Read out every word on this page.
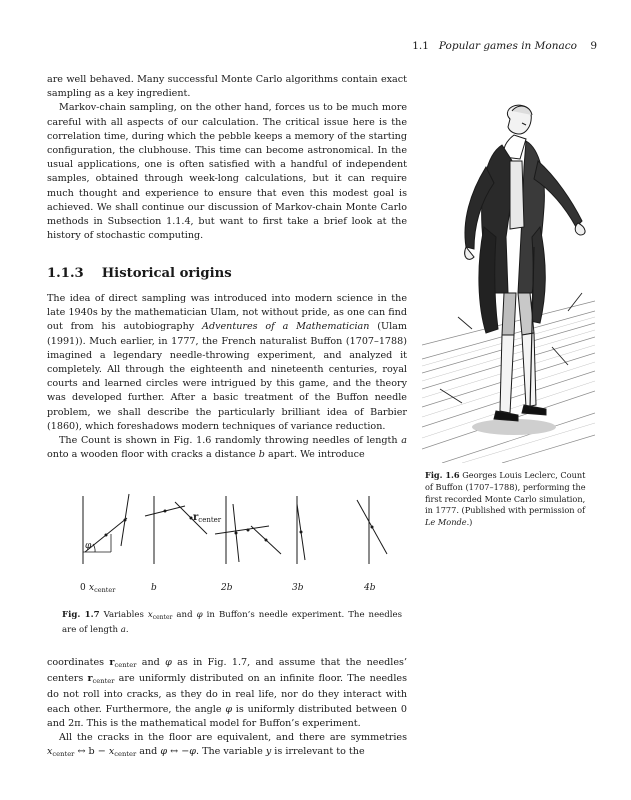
1.1 Popular games in Monaco 9

are well behaved. Many successful Monte Carlo algorithms contain exact sampling as a key ingredient.

Markov-chain sampling, on the other hand, forces us to be much more careful with all aspects of our calculation. The critical issue here is the correlation time, during which the pebble keeps a memory of the starting configuration, the clubhouse. This time can become astronomical. In the usual applications, one is often satisfied with a handful of independent samples, obtained through week-long calculations, but it can require much thought and experience to ensure that even this modest goal is achieved. We shall continue our discussion of Markov-chain Monte Carlo methods in Subsection 1.1.4, but want to first take a brief look at the history of stochastic computing.

1.1.3 Historical origins

The idea of direct sampling was introduced into modern science in the late 1940s by the mathematician Ulam, not without pride, as one can find out from his autobiography Adventures of a Mathematician (Ulam (1991)). Much earlier, in 1777, the French naturalist Buffon (1707–1788) imagined a legendary needle-throwing experiment, and analyzed it completely. All through the eighteenth and nineteenth centuries, royal courts and learned circles were intrigued by this game, and the theory was developed further. After a basic treatment of the Buffon needle problem, we shall describe the particularly brilliant idea of Barbier (1860), which foreshadows modern techniques of variance reduction.

The Count is shown in Fig. 1.6 randomly throwing needles of length a onto a wooden floor with cracks a distance b apart. We introduce

Fig. 1.6 Georges Louis Leclerc, Count of Buffon (1707–1788), performing the first recorded Monte Carlo simulation, in 1777. (Published with permission of Le Monde.)
$r_{center}$
φ
0 $x_{center}$	b	2b	3b	4b
Fig. 1.7 Variables $x_{center}$ and φ in Buffon’s needle experiment. The needles are of length a.

coordinates $r_{center}$ and φ as in Fig. 1.7, and assume that the needles’ centers $r_{center}$ are uniformly distributed on an infinite floor. The needles do not roll into cracks, as they do in real life, nor do they interact with each other. Furthermore, the angle φ is uniformly distributed between 0 and 2π. This is the mathematical model for Buffon’s experiment.

All the cracks in the floor are equivalent, and there are symmetries $x_{center}$ ↔ $b - x_{center}$ and φ ↔ −φ. The variable y is irrelevant to the
